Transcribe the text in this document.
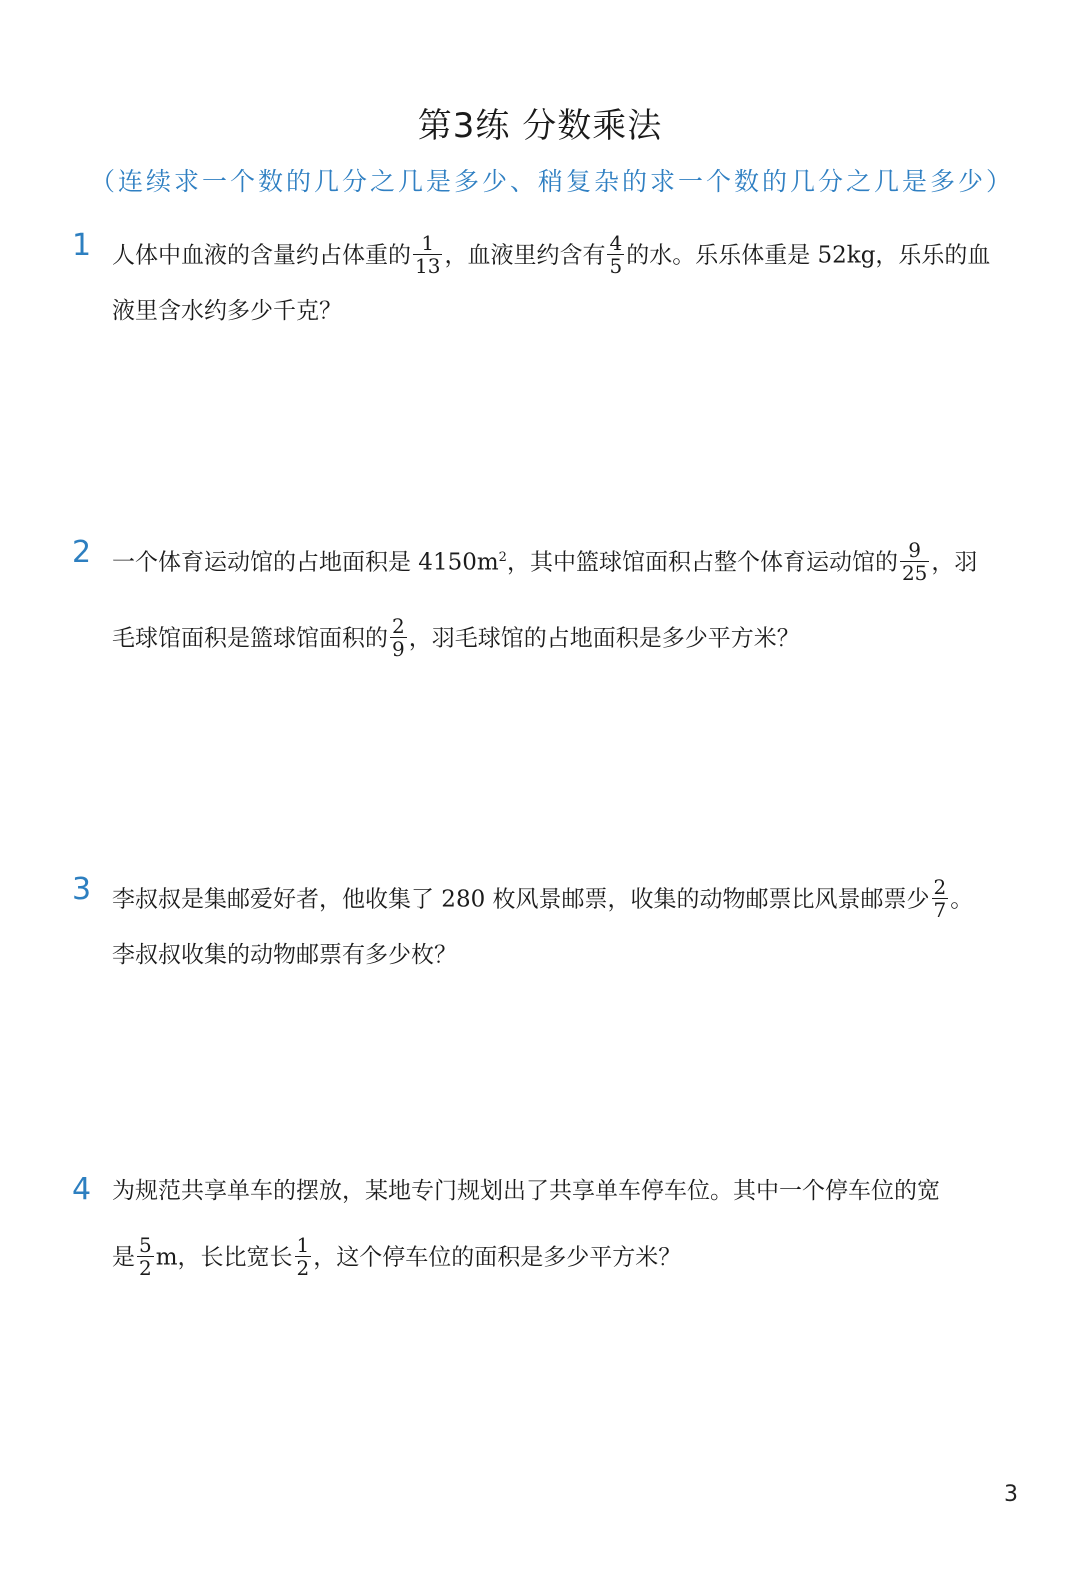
第3练 分数乘法
（连续求一个数的几分之几是多少、稍复杂的求一个数的几分之几是多少）
1 人体中血液的含量约占体重的 $\frac{1}{13}$ ，血液里约含有 $\frac{4}{5}$ 的水。乐乐体重是 52kg，乐乐的血
液里含水约多少千克？
2 一个体育运动馆的占地面积是 $4150m^2$，其中篮球馆面积占整个体育运动馆的 $\frac{9}{25}$ ，羽
毛球馆面积是篮球馆面积的 $\frac{2}{9}$ ，羽毛球馆的占地面积是多少平方米？
3 李叔叔是集邮爱好者，他收集了 280 枚风景邮票，收集的动物邮票比风景邮票少 $\frac{2}{7}$ 。
李叔叔收集的动物邮票有多少枚？
4 为规范共享单车的摆放，某地专门规划出了共享单车停车位。其中一个停车位的宽
是 $\frac{5}{2}$ m，长比宽长 $\frac{1}{2}$ ，这个停车位的面积是多少平方米？
3
